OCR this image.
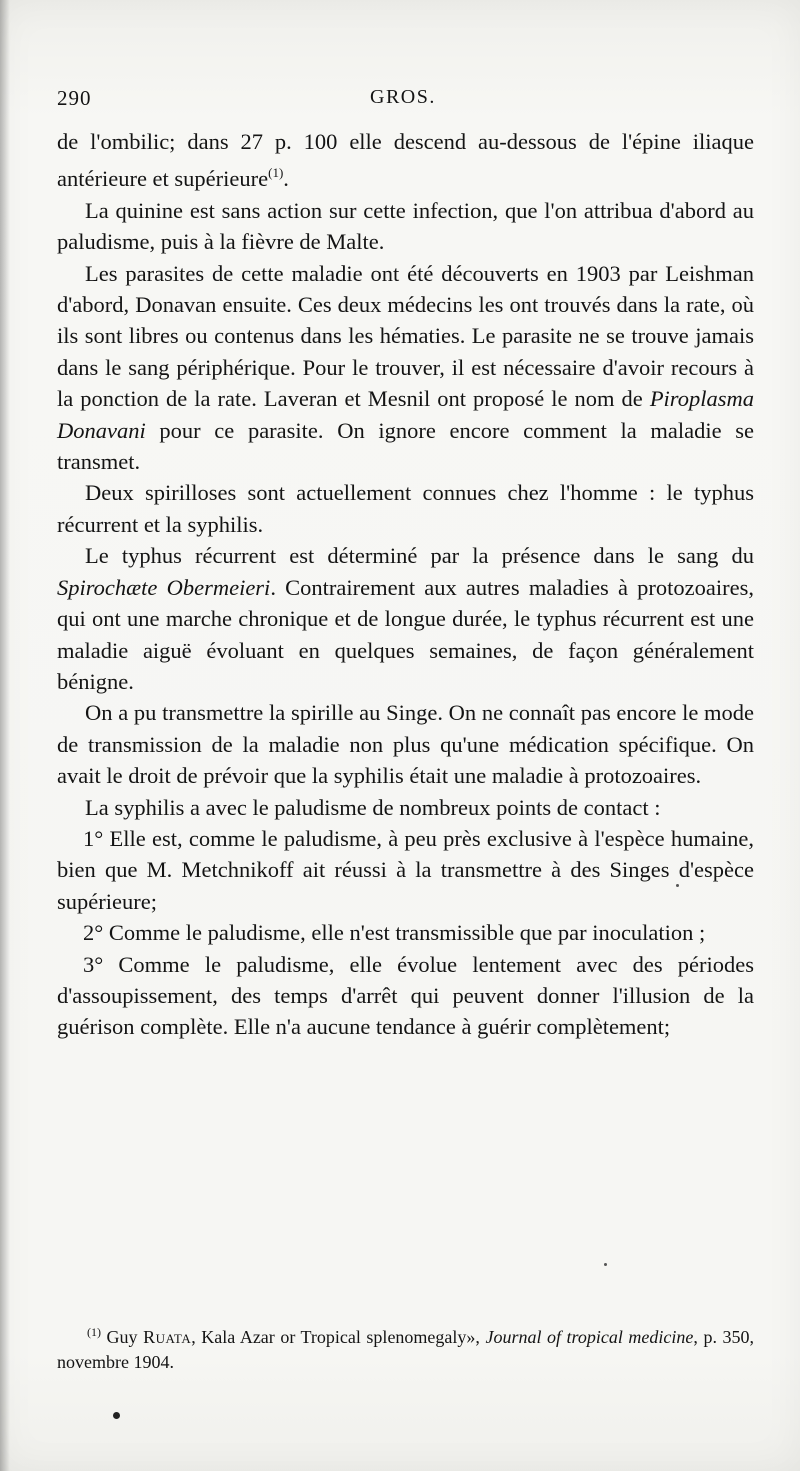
290	GROS.

de l'ombilic; dans 27 p. 100 elle descend au-dessous de l'épine iliaque antérieure et supérieure$^{(1)}$.

La quinine est sans action sur cette infection, que l'on attribua d'abord au paludisme, puis à la fièvre de Malte.

Les parasites de cette maladie ont été découverts en 1903 par Leishman d'abord, Donavan ensuite. Ces deux médecins les ont trouvés dans la rate, où ils sont libres ou contenus dans les hématies. Le parasite ne se trouve jamais dans le sang périphérique. Pour le trouver, il est nécessaire d'avoir recours à la ponction de la rate. Laveran et Mesnil ont proposé le nom de Piroplasma Donavani pour ce parasite. On ignore encore comment la maladie se transmet.

Deux spirilloses sont actuellement connues chez l'homme : le typhus récurrent et la syphilis.

Le typhus récurrent est déterminé par la présence dans le sang du Spirochæte Obermeieri. Contrairement aux autres maladies à protozoaires, qui ont une marche chronique et de longue durée, le typhus récurrent est une maladie aiguë évoluant en quelques semaines, de façon généralement bénigne.

On a pu transmettre la spirille au Singe. On ne connaît pas encore le mode de transmission de la maladie non plus qu'une médication spécifique. On avait le droit de prévoir que la syphilis était une maladie à protozoaires.

La syphilis a avec le paludisme de nombreux points de contact :

1° Elle est, comme le paludisme, à peu près exclusive à l'espèce humaine, bien que M. Metchnikoff ait réussi à la transmettre à des Singes d'espèce supérieure;

2° Comme le paludisme, elle n'est transmissible que par inoculation ;

3° Comme le paludisme, elle évolue lentement avec des périodes d'assoupissement, des temps d'arrêt qui peuvent donner l'illusion de la guérison complète. Elle n'a aucune tendance à guérir complètement;

$^{(1)}$ Guy Ruata, Kala Azar or Tropical splenomegaly», Journal of tropical medicine, p. 350, novembre 1904.
